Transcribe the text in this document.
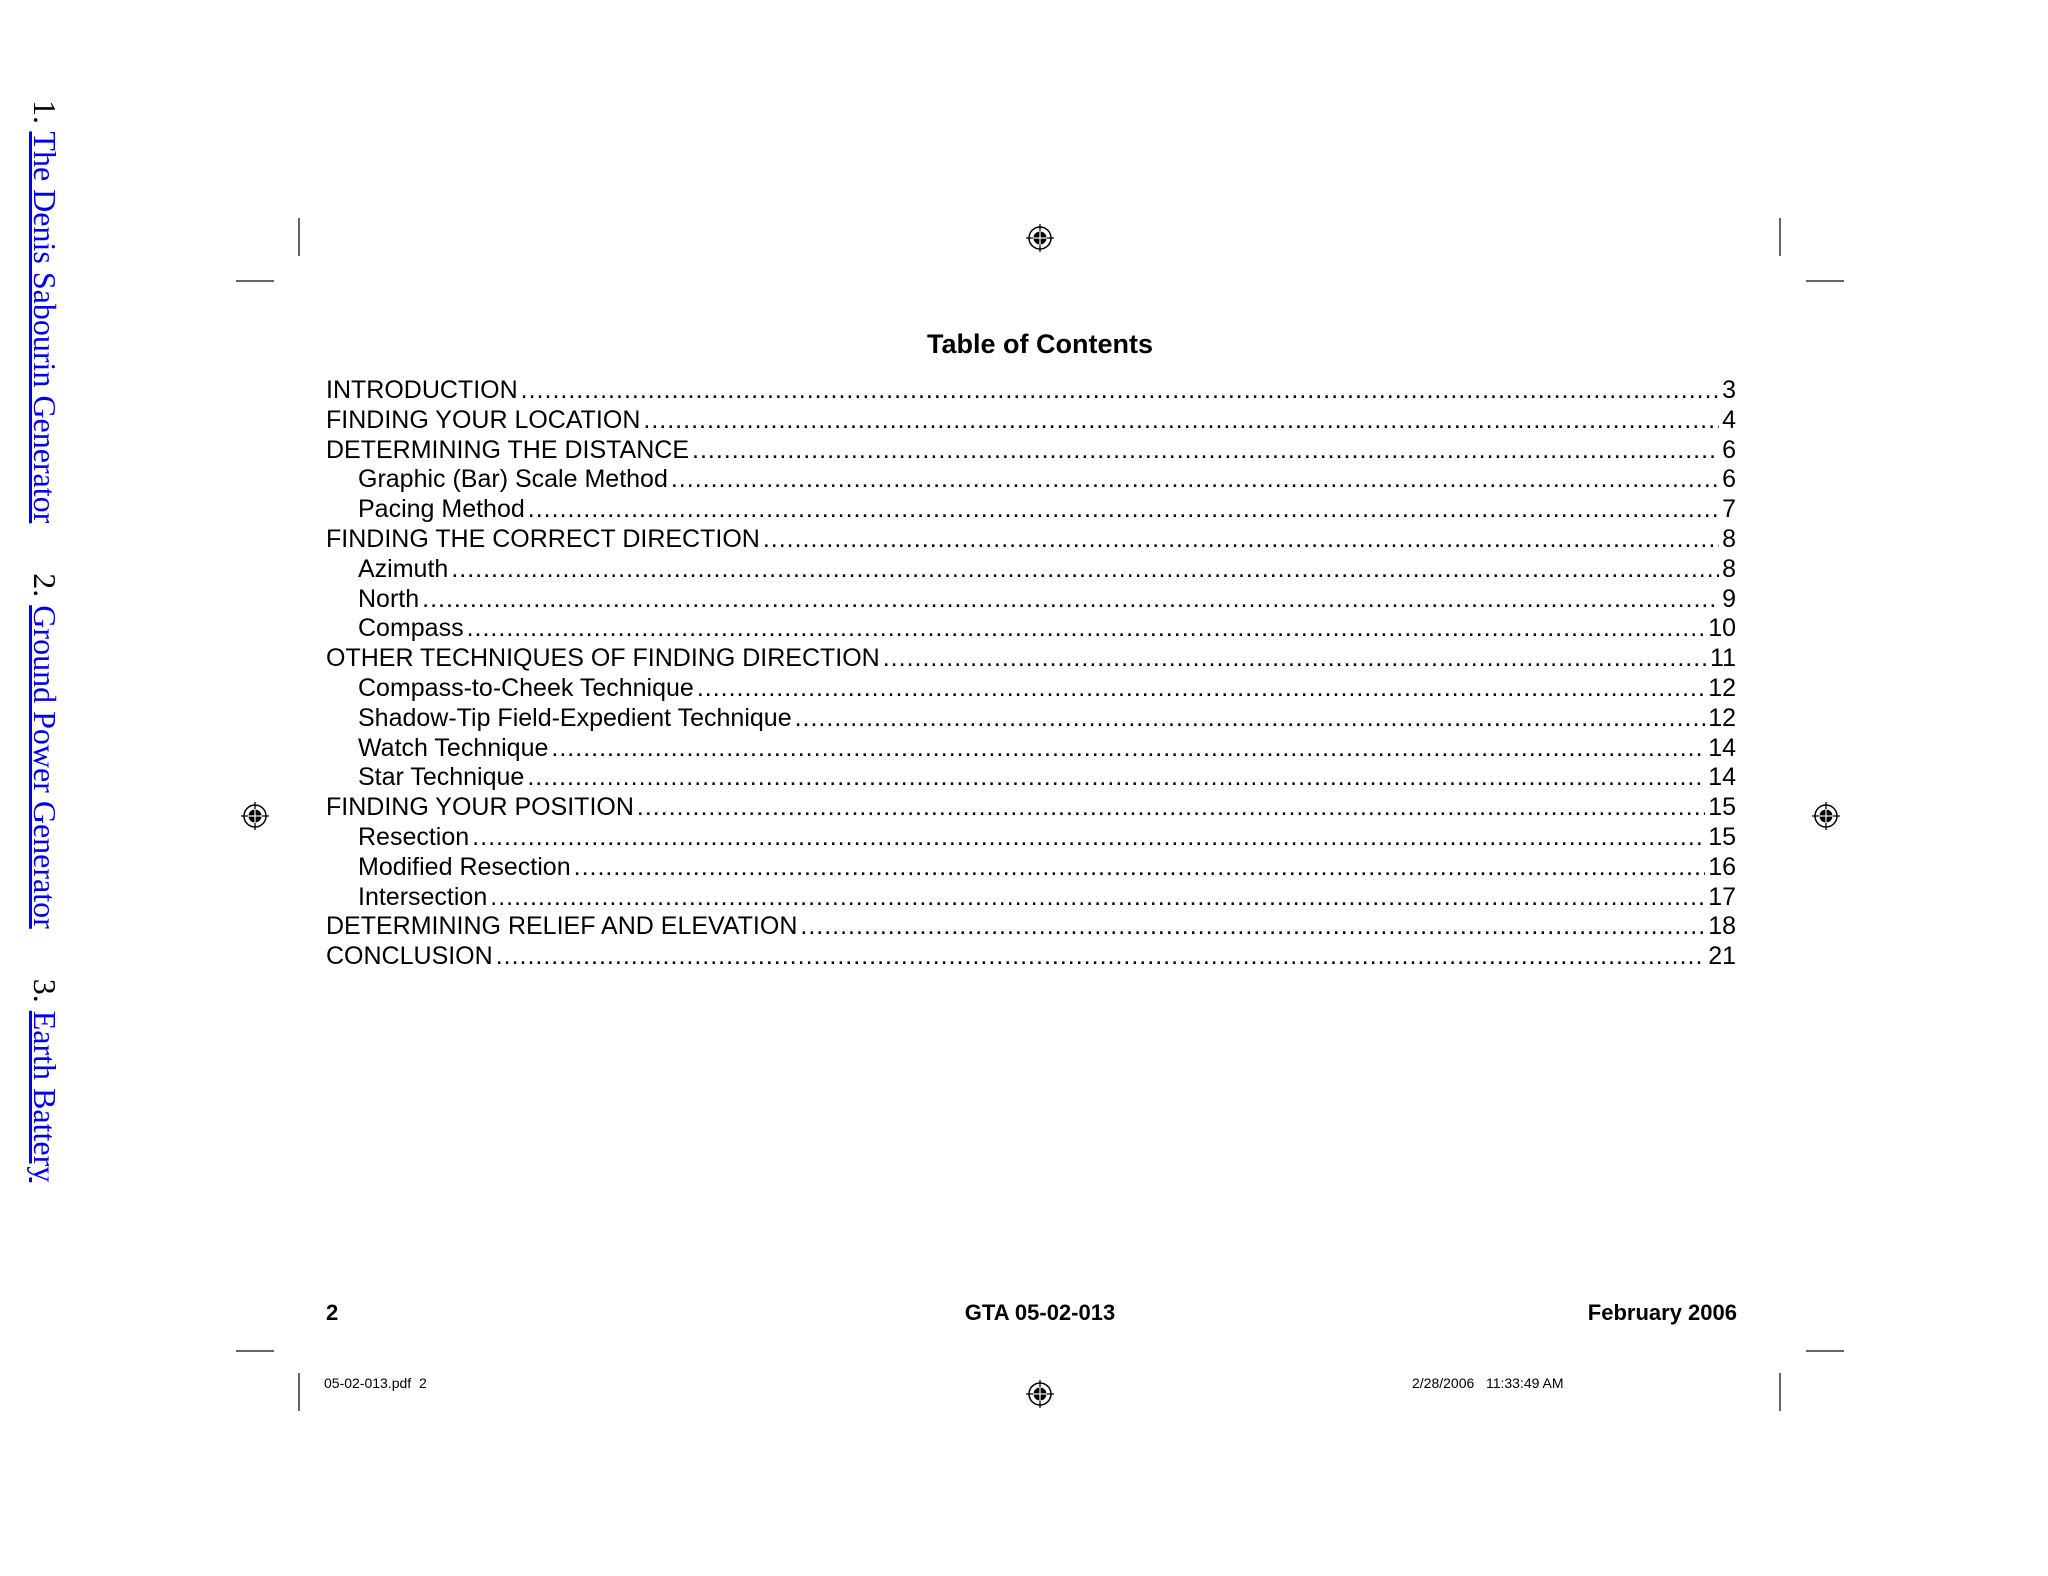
1. The Denis Sabourin Generator 2. Ground Power Generator 3. Earth Battery
Table of Contents
INTRODUCTION .....	3
FINDING YOUR LOCATION .....	4
DETERMINING THE DISTANCE .....	6
Graphic (Bar) Scale Method .....	6
Pacing Method .....	7
FINDING THE CORRECT DIRECTION .....	8
Azimuth .....	8
North .....	9
Compass .....	10
OTHER TECHNIQUES OF FINDING DIRECTION .....	11
Compass-to-Cheek Technique .....	12
Shadow-Tip Field-Expedient Technique .....	12
Watch Technique .....	14
Star Technique .....	14
FINDING YOUR POSITION .....	15
Resection .....	15
Modified Resection .....	16
Intersection .....	17
DETERMINING RELIEF AND ELEVATION .....	18
CONCLUSION .....	21
2	GTA 05-02-013	February 2006
05-02-013.pdf  2	2/28/2006   11:33:49 AM
